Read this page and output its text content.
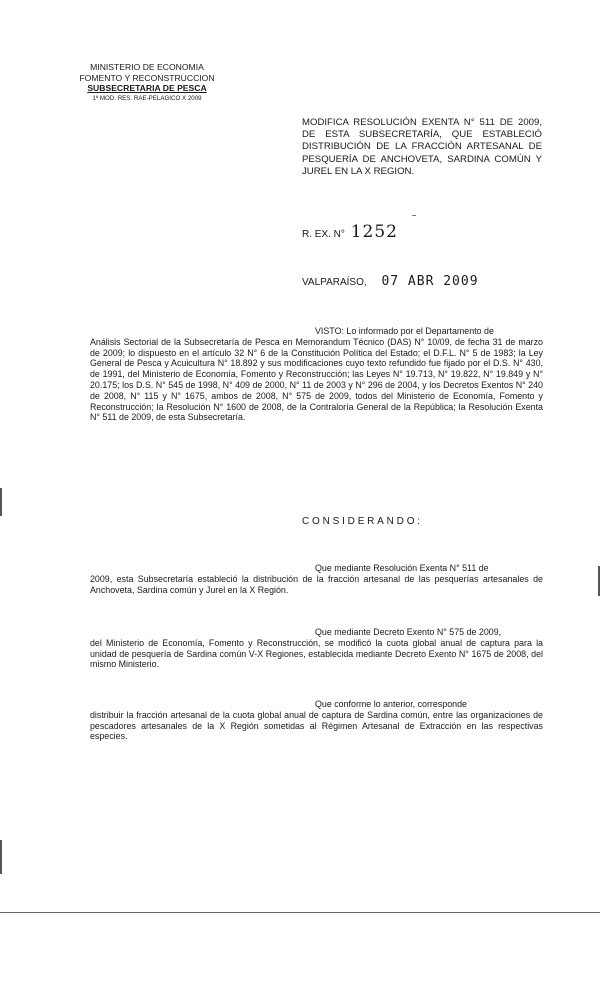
MINISTERIO DE ECONOMIA
FOMENTO Y RECONSTRUCCION
SUBSECRETARIA DE PESCA
1ª MOD. RES. RAE-PELAGICO X 2009
MODIFICA RESOLUCIÓN EXENTA N° 511 DE 2009, DE ESTA SUBSECRETARÍA, QUE ESTABLECIÓ DISTRIBUCIÓN DE LA FRACCIÓN ARTESANAL DE PESQUERÍA DE ANCHOVETA, SARDINA COMÚN Y JUREL EN LA X REGION.
R. EX. N° 1252
VALPARAÍSO, 07 ABR 2009
VISTO: Lo informado por el Departamento de
Análisis Sectorial de la Subsecretaría de Pesca en Memorandum Técnico (DAS) N° 10/09, de fecha 31 de marzo de 2009; lo dispuesto en el artículo 32 N° 6 de la Constitución Política del Estado; el D.F.L. N° 5 de 1983; la Ley General de Pesca y Acuicultura N° 18.892 y sus modificaciones cuyo texto refundido fue fijado por el D.S. N° 430, de 1991, del Ministerio de Economía, Fomento y Reconstrucción; las Leyes N° 19.713, N° 19.822, N° 19.849 y N° 20.175; los D.S. N° 545 de 1998, N° 409 de 2000, N° 11 de 2003 y N° 296 de 2004, y los Decretos Exentos N° 240 de 2008, N° 115 y N° 1675, ambos de 2008, N° 575 de 2009, todos del Ministerio de Economía, Fomento y Reconstrucción; la Resolución N° 1600 de 2008, de la Contraloría General de la República; la Resolución Exenta N° 511 de 2009, de esta Subsecretaría.
CONSIDERANDO:
Que mediante Resolución Exenta N° 511 de
2009, esta Subsecretaría estableció la distribución de la fracción artesanal de las pesquerías artesanales de Anchoveta, Sardina común y Jurel en la X Región.
Que mediante Decreto Exento N° 575 de 2009,
del Ministerio de Economía, Fomento y Reconstrucción, se modificó la cuota global anual de captura para la unidad de pesquería de Sardina común V-X Regiones, establecida mediante Decreto Exento N° 1675 de 2008, del mismo Ministerio.
Que conforme lo anterior, corresponde
distribuir la fracción artesanal de la cuota global anual de captura de Sardina común, entre las organizaciones de pescadores artesanales de la X Región sometidas al Régimen Artesanal de Extracción en las respectivas especies.
